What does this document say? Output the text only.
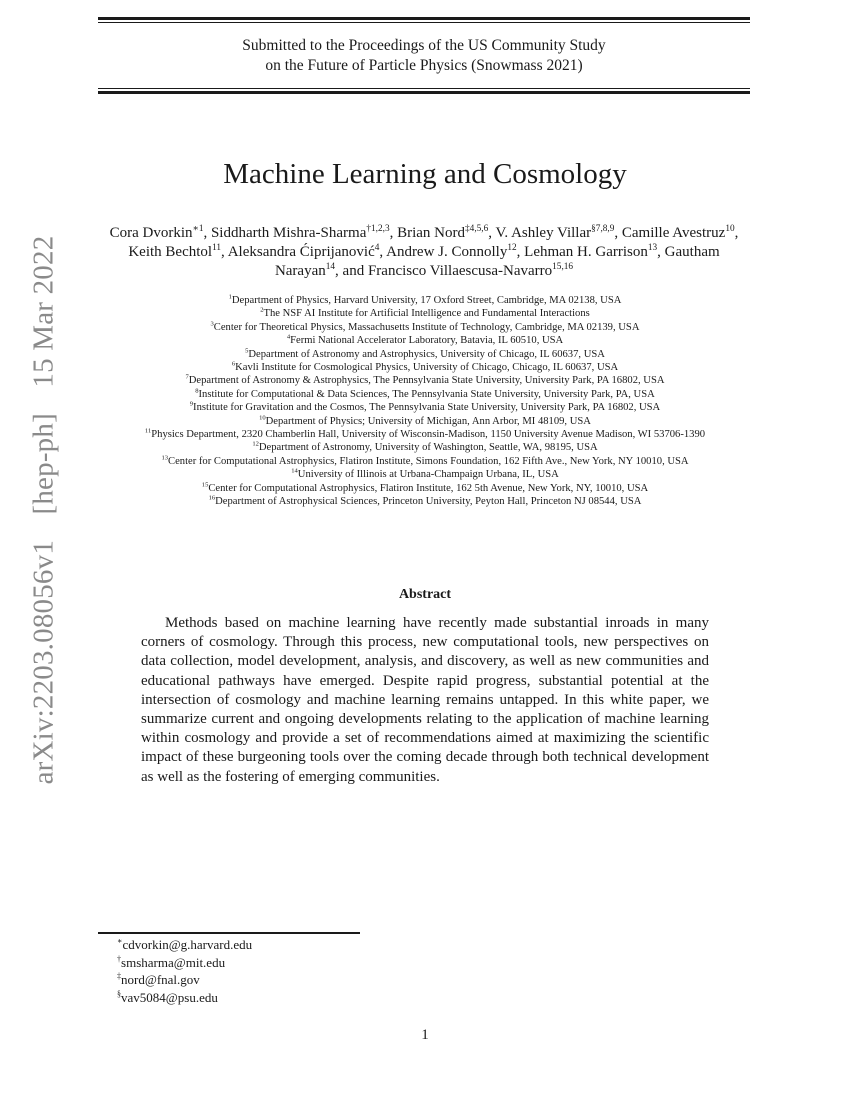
arXiv:2203.08056v1 [hep-ph] 15 Mar 2022
Submitted to the Proceedings of the US Community Study
on the Future of Particle Physics (Snowmass 2021)
Machine Learning and Cosmology
Cora Dvorkin$^{∗1}$, Siddharth Mishra-Sharma$^{\dagger 1,2,3}$, Brian Nord$^{\ddagger 4,5,6}$, V. Ashley Villar$^{\S 7,8,9}$, Camille Avestruz$^{10}$, Keith Bechtol$^{11}$, Aleksandra Ćiprijanović$^4$, Andrew J. Connolly$^{12}$, Lehman H. Garrison$^{13}$, Gautham Narayan$^{14}$, and Francisco Villaescusa-Navarro$^{15,16}$
$^1$Department of Physics, Harvard University, 17 Oxford Street, Cambridge, MA 02138, USA
$^2$The NSF AI Institute for Artificial Intelligence and Fundamental Interactions
$^3$Center for Theoretical Physics, Massachusetts Institute of Technology, Cambridge, MA 02139, USA
$^4$Fermi National Accelerator Laboratory, Batavia, IL 60510, USA
$^5$Department of Astronomy and Astrophysics, University of Chicago, IL 60637, USA
$^6$Kavli Institute for Cosmological Physics, University of Chicago, Chicago, IL 60637, USA
$^7$Department of Astronomy & Astrophysics, The Pennsylvania State University, University Park, PA 16802, USA
$^8$Institute for Computational & Data Sciences, The Pennsylvania State University, University Park, PA, USA
$^9$Institute for Gravitation and the Cosmos, The Pennsylvania State University, University Park, PA 16802, USA
$^{10}$Department of Physics; University of Michigan, Ann Arbor, MI 48109, USA
$^{11}$Physics Department, 2320 Chamberlin Hall, University of Wisconsin-Madison, 1150 University Avenue Madison, WI 53706-1390
$^{12}$Department of Astronomy, University of Washington, Seattle, WA, 98195, USA
$^{13}$Center for Computational Astrophysics, Flatiron Institute, Simons Foundation, 162 Fifth Ave., New York, NY 10010, USA
$^{14}$University of Illinois at Urbana-Champaign Urbana, IL, USA
$^{15}$Center for Computational Astrophysics, Flatiron Institute, 162 5th Avenue, New York, NY, 10010, USA
$^{16}$Department of Astrophysical Sciences, Princeton University, Peyton Hall, Princeton NJ 08544, USA
Abstract
Methods based on machine learning have recently made substantial inroads in many corners of cosmology. Through this process, new computational tools, new perspectives on data collection, model development, analysis, and discovery, as well as new communities and educational pathways have emerged. Despite rapid progress, substantial potential at the intersection of cosmology and machine learning remains untapped. In this white paper, we summarize current and ongoing developments relating to the application of machine learning within cosmology and provide a set of recommendations aimed at maximizing the scientific impact of these burgeoning tools over the coming decade through both technical development as well as the fostering of emerging communities.
∗cdvorkin@g.harvard.edu
†smsharma@mit.edu
‡nord@fnal.gov
§vav5084@psu.edu
1
